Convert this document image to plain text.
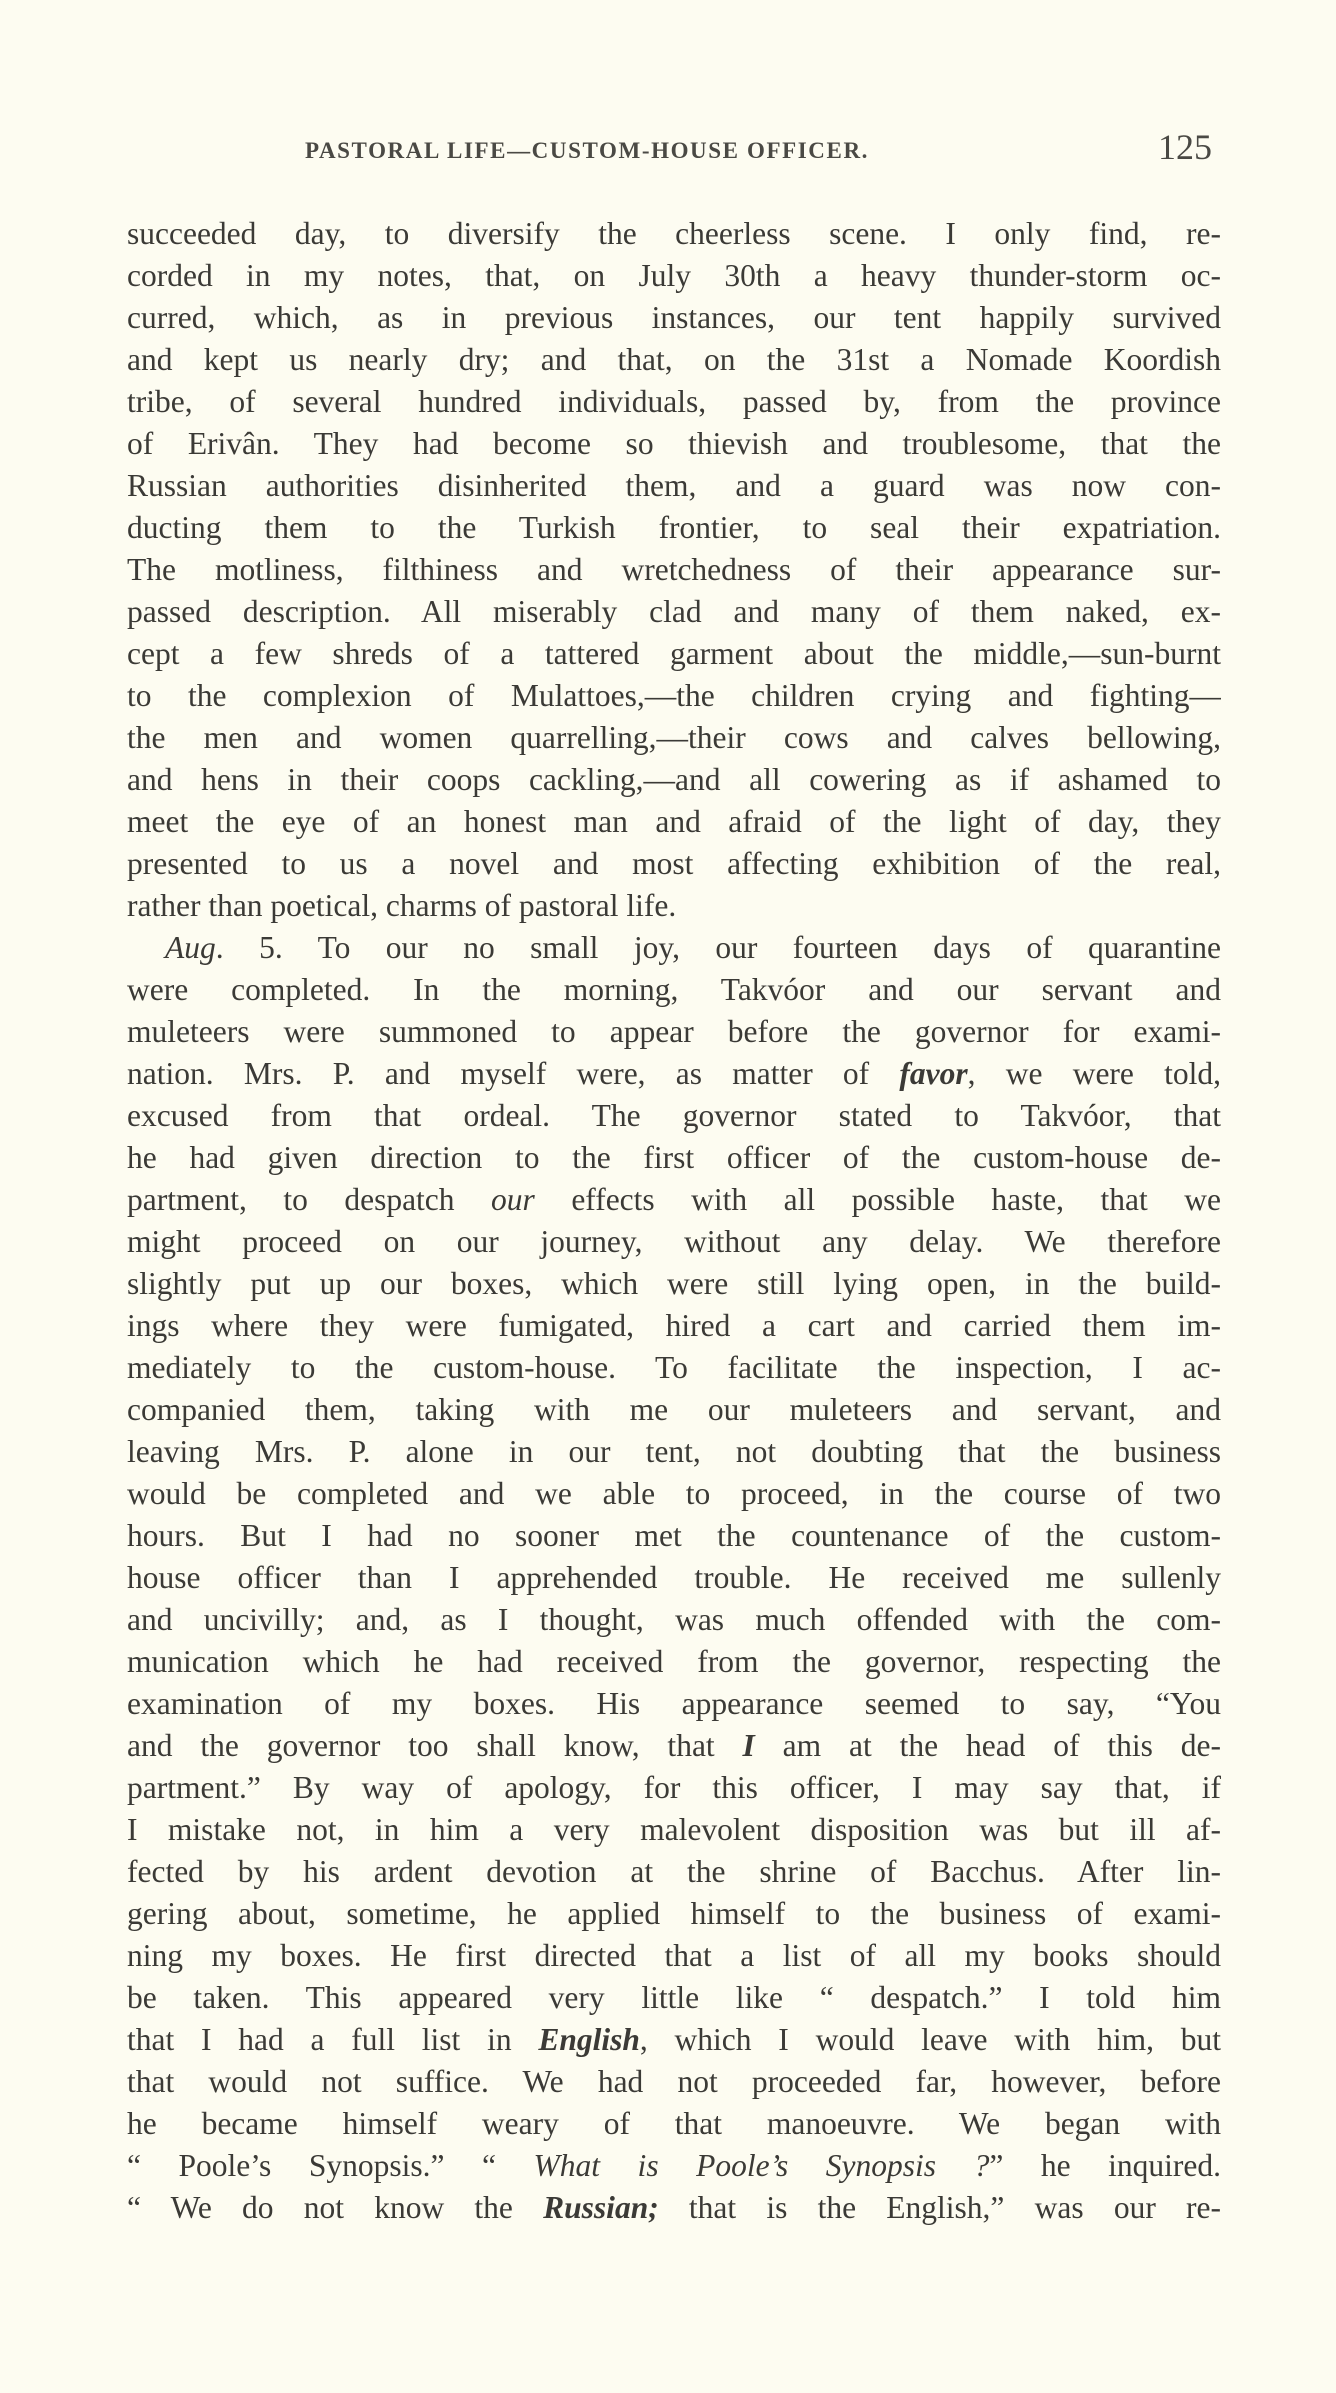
PASTORAL LIFE—CUSTOM-HOUSE OFFICER.	125
succeeded day, to diversify the cheerless scene. I only find, re-
corded in my notes, that, on July 30th a heavy thunder-storm oc-
curred, which, as in previous instances, our tent happily survived
and kept us nearly dry; and that, on the 31st a Nomade Koordish
tribe, of several hundred individuals, passed by, from the province
of Erivân. They had become so thievish and troublesome, that the
Russian authorities disinherited them, and a guard was now con-
ducting them to the Turkish frontier, to seal their expatriation.
The motliness, filthiness and wretchedness of their appearance sur-
passed description. All miserably clad and many of them naked, ex-
cept a few shreds of a tattered garment about the middle,—sun-burnt
to the complexion of Mulattoes,—the children crying and fighting—
the men and women quarrelling,—their cows and calves bellowing,
and hens in their coops cackling,—and all cowering as if ashamed to
meet the eye of an honest man and afraid of the light of day, they
presented to us a novel and most affecting exhibition of the real,
rather than poetical, charms of pastoral life.
Aug. 5. To our no small joy, our fourteen days of quarantine
were completed. In the morning, Takvóor and our servant and
muleteers were summoned to appear before the governor for exami-
nation. Mrs. P. and myself were, as matter of favor, we were told,
excused from that ordeal. The governor stated to Takvóor, that
he had given direction to the first officer of the custom-house de-
partment, to despatch our effects with all possible haste, that we
might proceed on our journey, without any delay. We therefore
slightly put up our boxes, which were still lying open, in the build-
ings where they were fumigated, hired a cart and carried them im-
mediately to the custom-house. To facilitate the inspection, I ac-
companied them, taking with me our muleteers and servant, and
leaving Mrs. P. alone in our tent, not doubting that the business
would be completed and we able to proceed, in the course of two
hours. But I had no sooner met the countenance of the custom-
house officer than I apprehended trouble. He received me sullenly
and uncivilly; and, as I thought, was much offended with the com-
munication which he had received from the governor, respecting the
examination of my boxes. His appearance seemed to say, “You
and the governor too shall know, that I am at the head of this de-
partment.” By way of apology, for this officer, I may say that, if
I mistake not, in him a very malevolent disposition was but ill af-
fected by his ardent devotion at the shrine of Bacchus. After lin-
gering about, sometime, he applied himself to the business of exami-
ning my boxes. He first directed that a list of all my books should
be taken. This appeared very little like “ despatch.” I told him
that I had a full list in English, which I would leave with him, but
that would not suffice. We had not proceeded far, however, before
he became himself weary of that manoeuvre. We began with
“ Poole’s Synopsis.” “ What is Poole’s Synopsis ?” he inquired.
“ We do not know the Russian; that is the English,” was our re-
